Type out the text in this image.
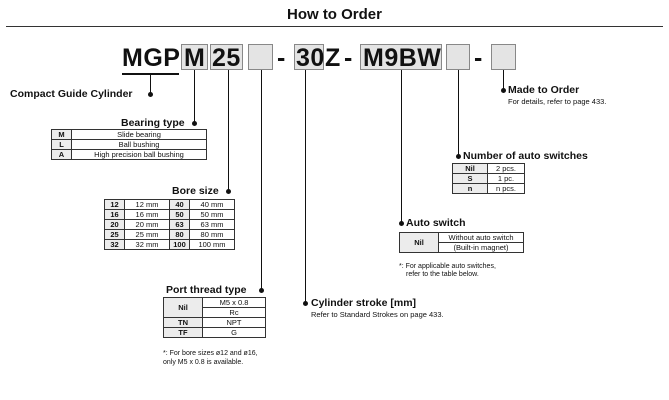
How to Order
MGP M 25 - 30 Z - M9BW -
Compact Guide Cylinder
Bearing type
M	Slide bearing
L	Ball bushing
A	High precision ball bushing
Bore size
12	12 mm	40	40 mm
16	16 mm	50	50 mm
20	20 mm	63	63 mm
25	25 mm	80	80 mm
32	32 mm	100	100 mm
Port thread type
Nil	M5 x 0.8
	Rc
TN	NPT
TF	G
*: For bore sizes ø12 and ø16, only M5 x 0.8 is available.
Cylinder stroke [mm]
Refer to Standard Strokes on page 433.
Auto switch
Nil	Without auto switch
(Built-in magnet)
*: For applicable auto switches,
refer to the table below.
Number of auto switches
Nil	2 pcs.
S	1 pc.
n	n pcs.
Made to Order
For details, refer to page 433.
